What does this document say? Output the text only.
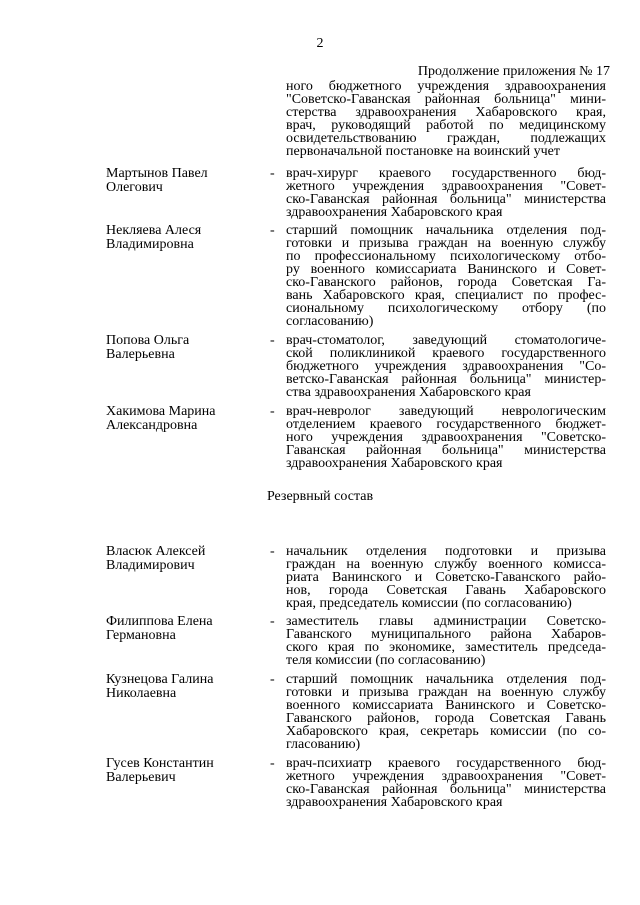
2
Продолжение приложения № 17
ного бюджетного учреждения здравоохранения
"Советско-Гаванская районная больница" мини-
стерства здравоохранения Хабаровского края,
врач, руководящий работой по медицинскому
освидетельствованию граждан, подлежащих
первоначальной постановке на воинский учет
Мартынов Павел
Олегович
- врач-хирург краевого государственного бюд-
жетного учреждения здравоохранения "Совет-
ско-Гаванская районная больница" министерства
здравоохранения Хабаровского края
Некляева Алеся
Владимировна
- старший помощник начальника отделения под-
готовки и призыва граждан на военную службу
по профессиональному психологическому отбо-
ру военного комиссариата Ванинского и Совет-
ско-Гаванского районов, города Советская Га-
вань Хабаровского края, специалист по профес-
сиональному психологическому отбору (по
согласованию)
Попова Ольга
Валерьевна
- врач-стоматолог, заведующий стоматологиче-
ской поликлиникой краевого государственного
бюджетного учреждения здравоохранения "Со-
ветско-Гаванская районная больница" министер-
ства здравоохранения Хабаровского края
Хакимова Марина
Александровна
- врач-невролог заведующий неврологическим
отделением краевого государственного бюджет-
ного учреждения здравоохранения "Советско-
Гаванская районная больница" министерства
здравоохранения Хабаровского края
Резервный состав
Власюк Алексей
Владимирович
- начальник отделения подготовки и призыва
граждан на военную службу военного комисса-
риата Ванинского и Советско-Гаванского райо-
нов, города Советская Гавань Хабаровского
края, председатель комиссии (по согласованию)
Филиппова Елена
Германовна
- заместитель главы администрации Советско-
Гаванского муниципального района Хабаров-
ского края по экономике, заместитель председа-
теля комиссии (по согласованию)
Кузнецова Галина
Николаевна
- старший помощник начальника отделения под-
готовки и призыва граждан на военную службу
военного комиссариата Ванинского и Советско-
Гаванского районов, города Советская Гавань
Хабаровского края, секретарь комиссии (по со-
гласованию)
Гусев Константин
Валерьевич
- врач-психиатр краевого государственного бюд-
жетного учреждения здравоохранения "Совет-
ско-Гаванская районная больница" министерства
здравоохранения Хабаровского края
